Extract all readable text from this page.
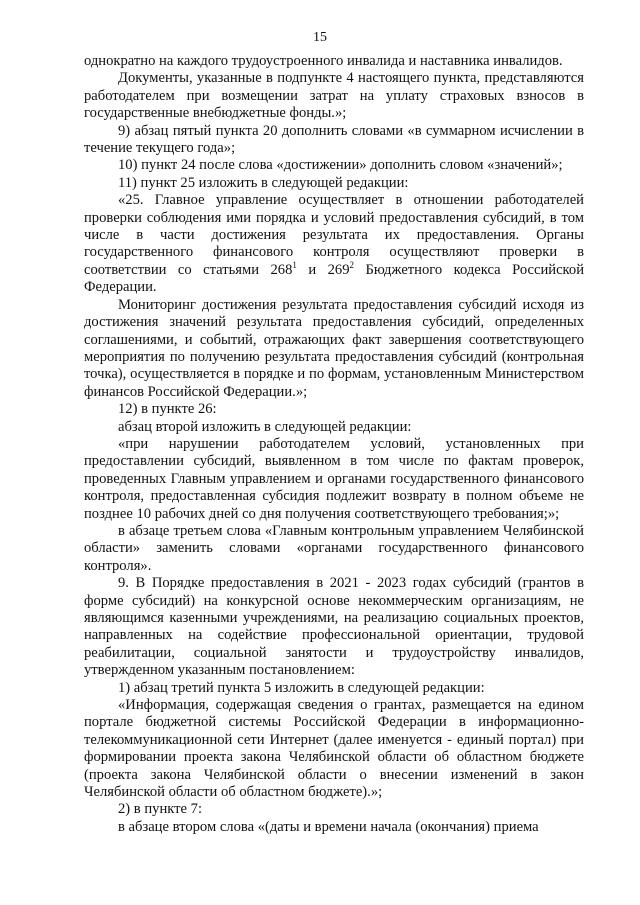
15

однократно на каждого трудоустроенного инвалида и наставника инвалидов.

Документы, указанные в подпункте 4 настоящего пункта, представляются работодателем при возмещении затрат на уплату страховых взносов в государственные внебюджетные фонды.»;

9) абзац пятый пункта 20 дополнить словами «в суммарном исчислении в течение текущего года»;

10) пункт 24 после слова «достижении» дополнить словом «значений»;

11) пункт 25 изложить в следующей редакции:

«25. Главное управление осуществляет в отношении работодателей проверки соблюдения ими порядка и условий предоставления субсидий, в том числе в части достижения результата их предоставления. Органы государственного финансового контроля осуществляют проверки в соответствии со статьями $268^1$ и $269^2$ Бюджетного кодекса Российской Федерации.

Мониторинг достижения результата предоставления субсидий исходя из достижения значений результата предоставления субсидий, определенных соглашениями, и событий, отражающих факт завершения соответствующего мероприятия по получению результата предоставления субсидий (контрольная точка), осуществляется в порядке и по формам, установленным Министерством финансов Российской Федерации.»;

12) в пункте 26:

абзац второй изложить в следующей редакции:

«при нарушении работодателем условий, установленных при предоставлении субсидий, выявленном в том числе по фактам проверок, проведенных Главным управлением и органами государственного финансового контроля, предоставленная субсидия подлежит возврату в полном объеме не позднее 10 рабочих дней со дня получения соответствующего требования;»;

в абзаце третьем слова «Главным контрольным управлением Челябинской области» заменить словами «органами государственного финансового контроля».

9. В Порядке предоставления в 2021 - 2023 годах субсидий (грантов в форме субсидий) на конкурсной основе некоммерческим организациям, не являющимся казенными учреждениями, на реализацию социальных проектов, направленных на содействие профессиональной ориентации, трудовой реабилитации, социальной занятости и трудоустройству инвалидов, утвержденном указанным постановлением:

1) абзац третий пункта 5 изложить в следующей редакции:

«Информация, содержащая сведения о грантах, размещается на едином портале бюджетной системы Российской Федерации в информационно-телекоммуникационной сети Интернет (далее именуется - единый портал) при формировании проекта закона Челябинской области об областном бюджете (проекта закона Челябинской области о внесении изменений в закон Челябинской области об областном бюджете).»;

2) в пункте 7:

в абзаце втором слова «(даты и времени начала (окончания) приема
